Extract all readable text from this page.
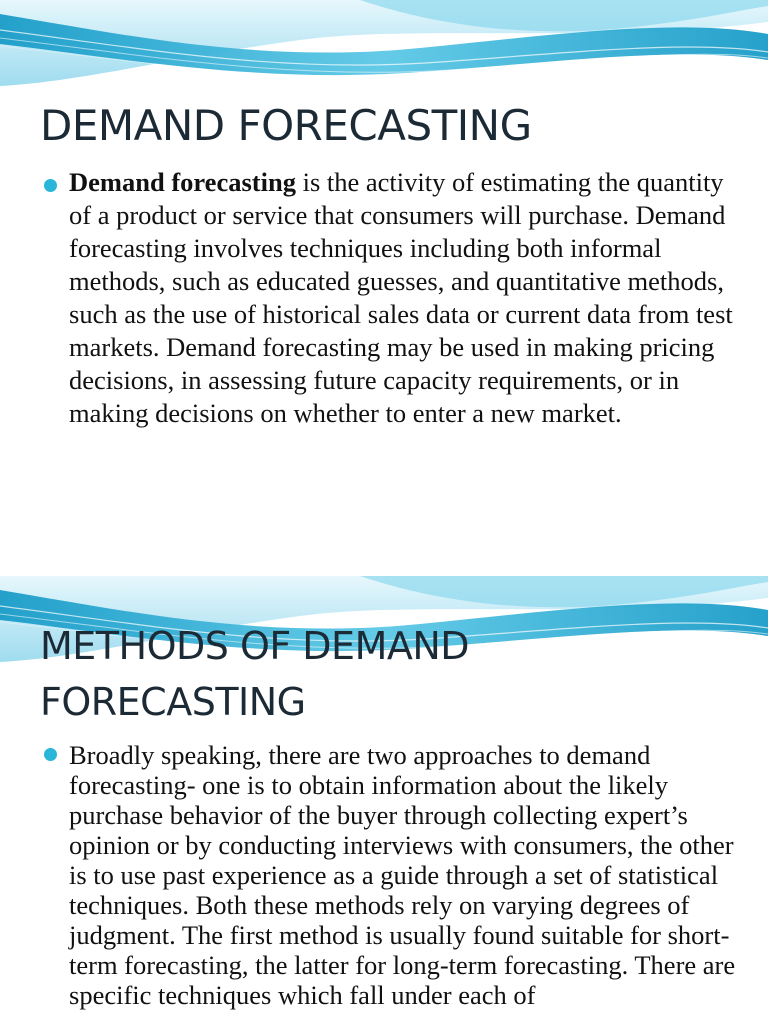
DEMAND FORECASTING

Demand forecasting is the activity of estimating the quantity of a product or service that consumers will purchase. Demand forecasting involves techniques including both informal methods, such as educated guesses, and quantitative methods, such as the use of historical sales data or current data from test markets. Demand forecasting may be used in making pricing decisions, in assessing future capacity requirements, or in making decisions on whether to enter a new market.

METHODS OF DEMAND FORECASTING

Broadly speaking, there are two approaches to demand forecasting- one is to obtain information about the likely purchase behavior of the buyer through collecting expert’s opinion or by conducting interviews with consumers, the other is to use past experience as a guide through a set of statistical techniques. Both these methods rely on varying degrees of judgment. The first method is usually found suitable for short-term forecasting, the latter for long-term forecasting. There are specific techniques which fall under each of
